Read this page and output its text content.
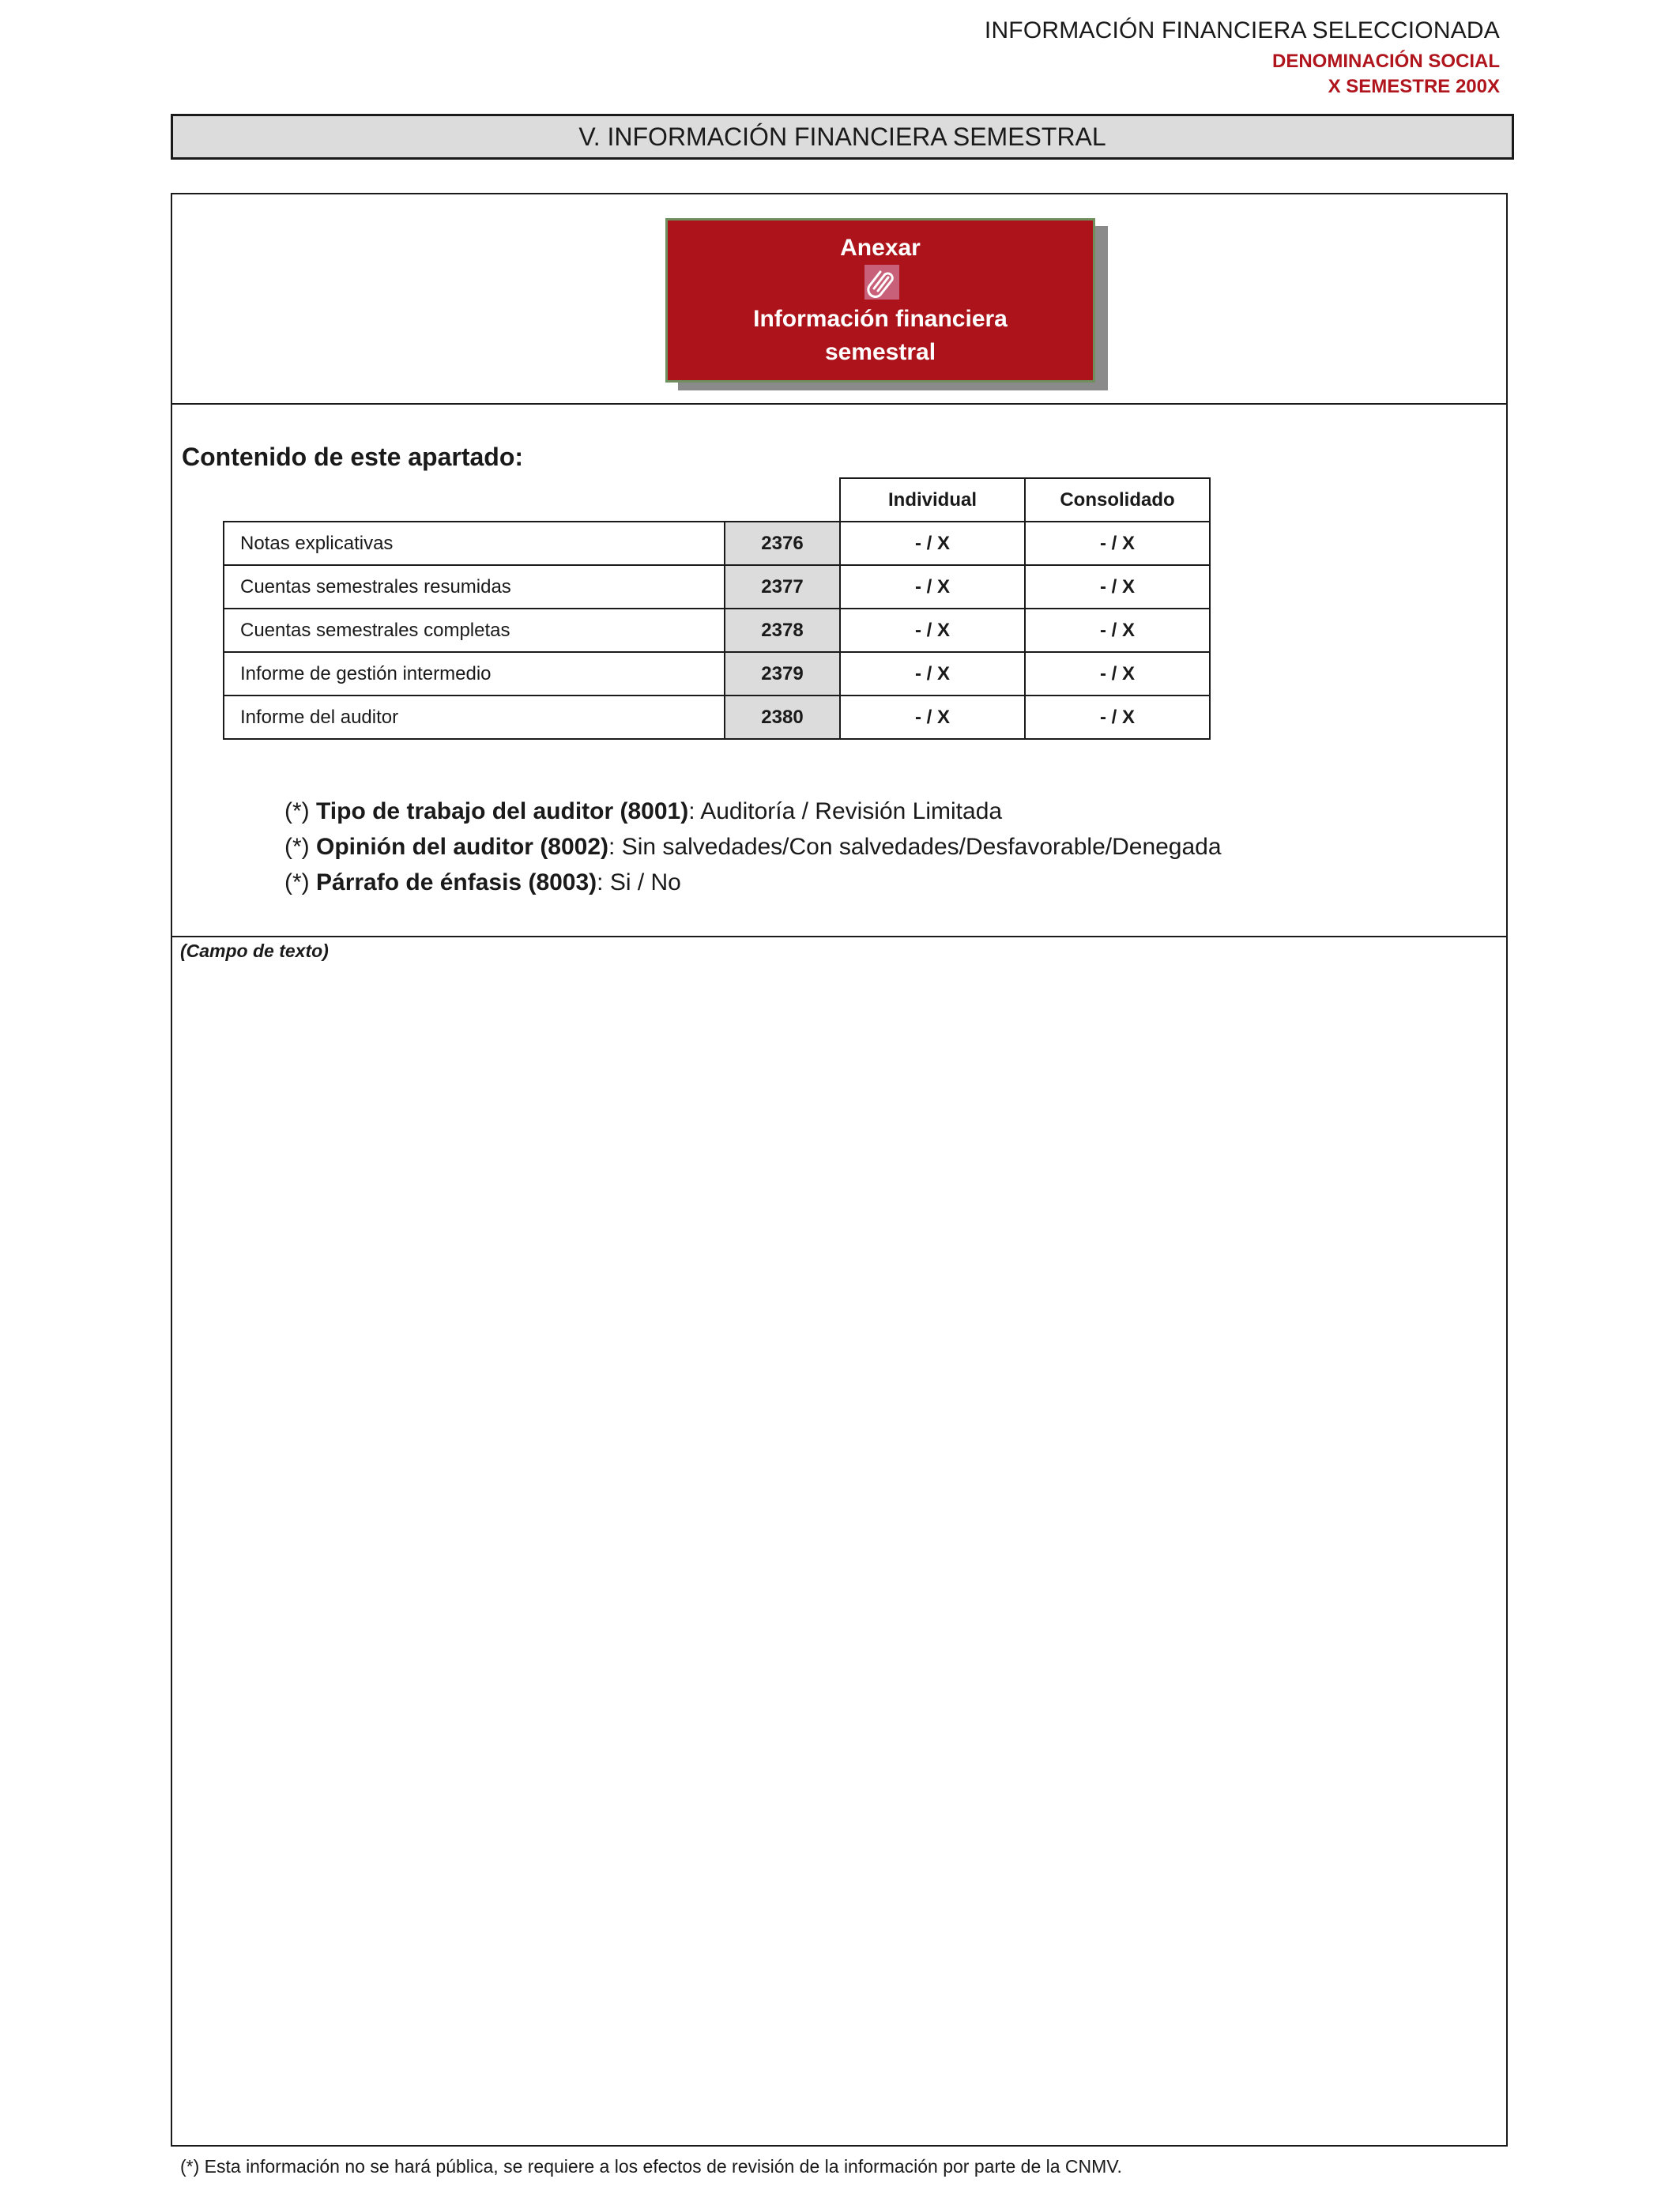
INFORMACIÓN FINANCIERA SELECCIONADA
DENOMINACIÓN SOCIAL
X SEMESTRE 200X
V. INFORMACIÓN FINANCIERA SEMESTRAL
Anexar
Información financiera
semestral
Contenido de este apartado:
		Individual	Consolidado
Notas explicativas	2376	- / X	- / X
Cuentas semestrales resumidas	2377	- / X	- / X
Cuentas semestrales completas	2378	- / X	- / X
Informe de gestión intermedio	2379	- / X	- / X
Informe del auditor	2380	- / X	- / X
(*) Tipo de trabajo del auditor (8001): Auditoría / Revisión Limitada
(*) Opinión del auditor (8002): Sin salvedades/Con salvedades/Desfavorable/Denegada
(*) Párrafo de énfasis (8003): Si / No
(Campo de texto)
(*) Esta información no se hará pública, se requiere a los efectos de revisión de la información por parte de la CNMV.
